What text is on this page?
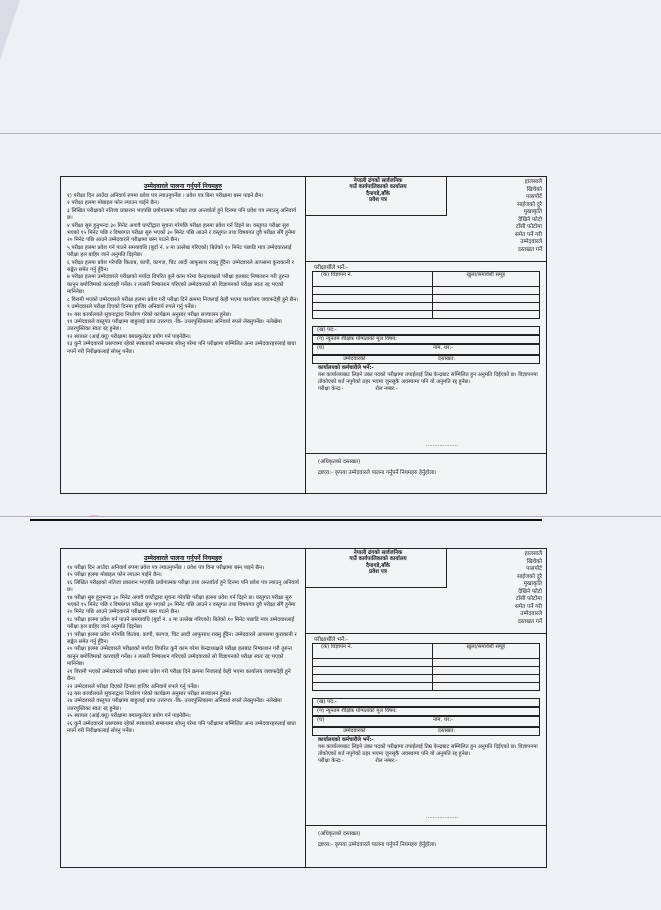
उम्मेदवारले पालना गर्नुपर्ने नियमहरु
१) परीक्षा दिन आउँदा अनिवार्य रुपमा प्रवेश पत्र ल्याउनुपर्नेछ । प्रवेश पत्र बिना परीक्षामा बस्न पाइने छैन।
२ परीक्षा हलमा मोबाइल फोन ल्याउन पाईने छैन।
३ लिखित परीक्षाको नतिजा प्रकाशन भएपछि प्रयोगात्मक परीक्षा तथा अन्तर्वार्ता हुने दिनमा पनि प्रवेश पत्र ल्याउनु अनिवार्य छ।
४ परीक्षा सुरु हुनुभन्दा ३० मिनेट अगावै घण्टीद्वारा सूचना गरेपछि परीक्षा हलमा प्रवेश गर्न दिइने छ। वस्तुगत परीक्षा सुरु भएको १५ मिनेट पछि र विषयगत परीक्षा सुरु भएको ३० मिनेट पछि आउने र वस्तुगत तथा विषयगत दुवै परीक्षा सँगै हुनेमा २० मिनेट पछि आउने उम्मेदवारले परीक्षामा बस्न पाउने छैन।
५ परीक्षा हलमा प्रवेश गर्न पाउने समयावधि (बुदाँ नं. ४ मा उल्लेख गरिएको) बितेको १० मिनेट पछाडि मात्र उम्मेदवारलाई परीक्षा हल बाहिर जाने अनुमति दिइनेछ।
६ परीक्षा हलमा प्रवेश गरेपछि किताब, कापी, कागज, चिट आदी आफूसाथ राख्नु हुँदैन। उम्मेदवारले आपसमा कुराकानी र सङ्केत समेत गर्नु हुँदैन।
७ परीक्षा हलमा उम्मेदवारले परीक्षाको मर्यादा विपरित कुनै काम गरेमा केन्द्राध्यक्षले परीक्षा हलबाट निष्काशन गरी तुरुन्त कानुन बमोजिमको कारवाही गर्नेछ। र त्यसरी निष्काशन गरिएको उम्मेदवारको सो विज्ञापनको परीक्षा स्वतः रद्द भएको मानिनेछ।
८ विरामी भएको उम्मेदवारले परीक्षा हलमा प्रवेश गरी परीक्षा दिने क्रममा निजलाई केही भएमा कार्यालय जवाफदेही हुने छैन।
९ उम्मेदवारले परीक्षा दिएको दिनमा हाजिर अनिवार्य रुपले गर्नु पर्नेछ।
१० यस कार्यालयले सूचनाद्वारा निर्धारण गरेको कार्यक्रम अनुसार परीक्षा सञ्चालन हुनेछ।
११ उम्मेदवारले वस्तुगत परीक्षामा बाहुलाई प्राप्त उत्तरपत्र -कि- उत्तरपुस्तिकामा अनिवार्य रुपले लेख्नुपर्नेछ। नलेखेमा उत्तरपुस्तिका स्वतः रद्द हुनेछ।
१२ स्थायल (आई.क्यू) परीक्षामा क्याल्कुलेटर प्रयोग गर्न पाइनेछैन।
१३ कुनै उम्मेदवारले प्रश्नपत्रमा रहेको स्पष्टताको सम्बन्धमा सोध्नु परेमा पनि परीक्षामा सम्मिलित अन्य उम्मेदवारहरुलाई बाधा नपर्ने गरी निरीक्षकलाई सोध्नु पर्नेछ।
नेपाली ढंगको सार्वजनिक
गाउँ कार्यपालिकाको कार्यालय
दैनागडे,बाँके
प्रवेश पत्र
हालसालै
खिचेको
पासपोर्ट
साईजको दुरै
मुखाकृति
देखिने फोटो
टाँसी फोटोमा
समेत पर्ने गरी
उम्मेदवारले
दस्तखत गर्ने
परीक्षार्थीले भर्ने:-
(क) विज्ञापन नं.	खुला/समावेशी समूह
(ख) पद:-
(ग) न्यूनतम शैक्षिक योग्यताको मूल विषय:
(घ)	नाम, थर:-
उम्मेदवारको	दस्तखत:
कार्यालयको कर्मचारीले भर्ने:-
यस कार्यालयबाट लिइने उक्त पदको परीक्षामा तपाईलाई तिम्र केन्द्रबाट सम्मिलित हुन अनुमति दिईएको छ। विज्ञापनमा तोकोएको शर्त नपुगेको ठहर भएमा जुनसुकै अवस्थामा पनि यो अनुमति रद्द हुनेछ।
परीक्षा केन्द्र:-	रोल नम्बर:-
...................
(अधिकृतको दस्तखत)
द्रष्टव्य:- कृपया उम्मेदवारले पालना गर्नुपर्ने नियमहरु हेर्नुहोला।
उम्मेदवारले पालना गर्नुपर्ने नियमहरु
१४ परीक्षा दिन आउँदा अनिवार्य रुपमा प्रवेश पत्र ल्याउनुपर्नेछ । प्रवेश पत्र विना परीक्षामा बस्न पाइने छैन।
१५ परीक्षा हलमा मोबाइल फोन ल्याउन पाईने छैन।
१६ लिखित परीक्षाको नतिजा प्रकाशन भएपछि प्रयोगात्मक परीक्षा तथा अन्तर्वार्ता हुने दिनमा पनि प्रवेश पत्र ल्याउनु अनिवार्य छ।
१७ परीक्षा सुरु हुनुभन्दा ३० मिनेट अगावै घण्टीद्वारा सूचना गरेपछि परीक्षा हलमा प्रवेश गर्न दिइने छ। वस्तुगत परीक्षा सुरु भएको १५ मिनेट पछि र विषयगत परीक्षा सुरु भएको ३० मिनेट पछि आउने र वस्तुगत तथा विषयगत दुवै परीक्षा सँगै हुनेमा २० मिनेट पछि आउने उम्मेदवारले परीक्षामा बस्न पाउने छैन।
१८ परीक्षा हलमा प्रवेश गर्न पाउने समयावधि (बुदाँ नं. ४ मा उल्लेख गरिएको) बितेको १० मिनेट पछाडि मात्र उम्मेदवारलाई परीक्षा हल बाहिर जाने अनुमति दिइनेछ।
१९ परीक्षा हलमा प्रवेश गरेपछि किताब, कापी, कागज, चिट आदी आफूसाथ राख्नु हुँदैन। उम्मेदवारले आपसमा कुराकानी र सङ्केत समेत गर्नु हुँदैन।
२० परीक्षा हलमा उम्मेदवारले परीक्षाको मर्यादा विपरित कुनै काम गरेमा केन्द्राध्यक्षले परीक्षा हलबाट निष्काशन गरी तुरुन्त कानुन बमोजिमको कारवाही गर्नेछ। र त्यसरी निष्काशन गरिएको उम्मेदवारको सो विज्ञापनको परीक्षा स्वतः रद्द भएको मानिनेछ।
२१ विरामी भएको उम्मेदवारले परीक्षा हलमा प्रवेश गरी परीक्षा दिने क्रममा निजलाई केही भएमा कार्यालय जवाफदेही हुने छैन।
२२ उम्मेदवारले परीक्षा दिएको दिनमा हाजिर अनिवार्य रुपले गर्नु पर्नेछ।
२३ यस कार्यालयले सूचनाद्वारा निर्धारण गरेको कार्यक्रम अनुसार परीक्षा सञ्चालन हुनेछ।
२४ उम्मेदवारले वस्तुगत परीक्षामा बाहुलाई प्राप्त उत्तरपत्र -कि- उत्तरपुस्तिकामा अनिवार्य रुपले लेख्नुपर्नेछ। नलेखेमा उत्तरपुस्तिका स्वतः रद्द हुनेछ।
२५ स्थायल (आई.क्यू) परीक्षामा क्याल्कुलेटर प्रयोग गर्न पाइनेछैन।
२६ कुनै उम्मेदवारले प्रश्नपत्रमा रहेको स्पष्टताको सम्बन्धमा सोध्नु परेमा पनि परीक्षामा सम्मिलित अन्य उम्मेदवारहरुलाई बाधा नपर्ने गरी निरीक्षकलाई सोध्नु पर्नेछ।
नेपाली ढंगको सार्वजनिक
गाउँ कार्यपालिकाको कार्यालय
दैनागडे,बाँके
प्रवेश पत्र
हालसालै
खिचेको
पासपोर्ट
साईजको दुरै
मुखाकृति
देखिने फोटो
टाँसी फोटोमा
समेत पर्ने गरी
उम्मेदवारले
दस्तखत गर्ने
परीक्षार्थीले भर्ने:-
(क) विज्ञापन नं.	खुला/समावेशी समूह
(ख) पद:-
(ग) न्यूनतम शैक्षिक योग्यताको मूल विषय:
(घ)	नाम, थर:-
उम्मेदवारको	दस्तखत:
कार्यालयको कर्मचारीले भर्ने:-
यस कार्यालयबाट लिइने उक्त पदको परीक्षामा तपाईलाई तिम्र केन्द्रबाट सम्मिलित हुन अनुमति दिईएको छ। विज्ञापनमा तोकोएको शर्त नपुगेको ठहर भएमा जुनसुकै अवस्थामा पनि यो अनुमति रद्द हुनेछ।
परीक्षा केन्द्र:-	रोल नम्बर:-
...................
(अधिकृतको दस्तखत)
द्रष्टव्य:- कृपया उम्मेदवारले पालना गर्नुपर्ने नियमहरु हेर्नुहोला।
